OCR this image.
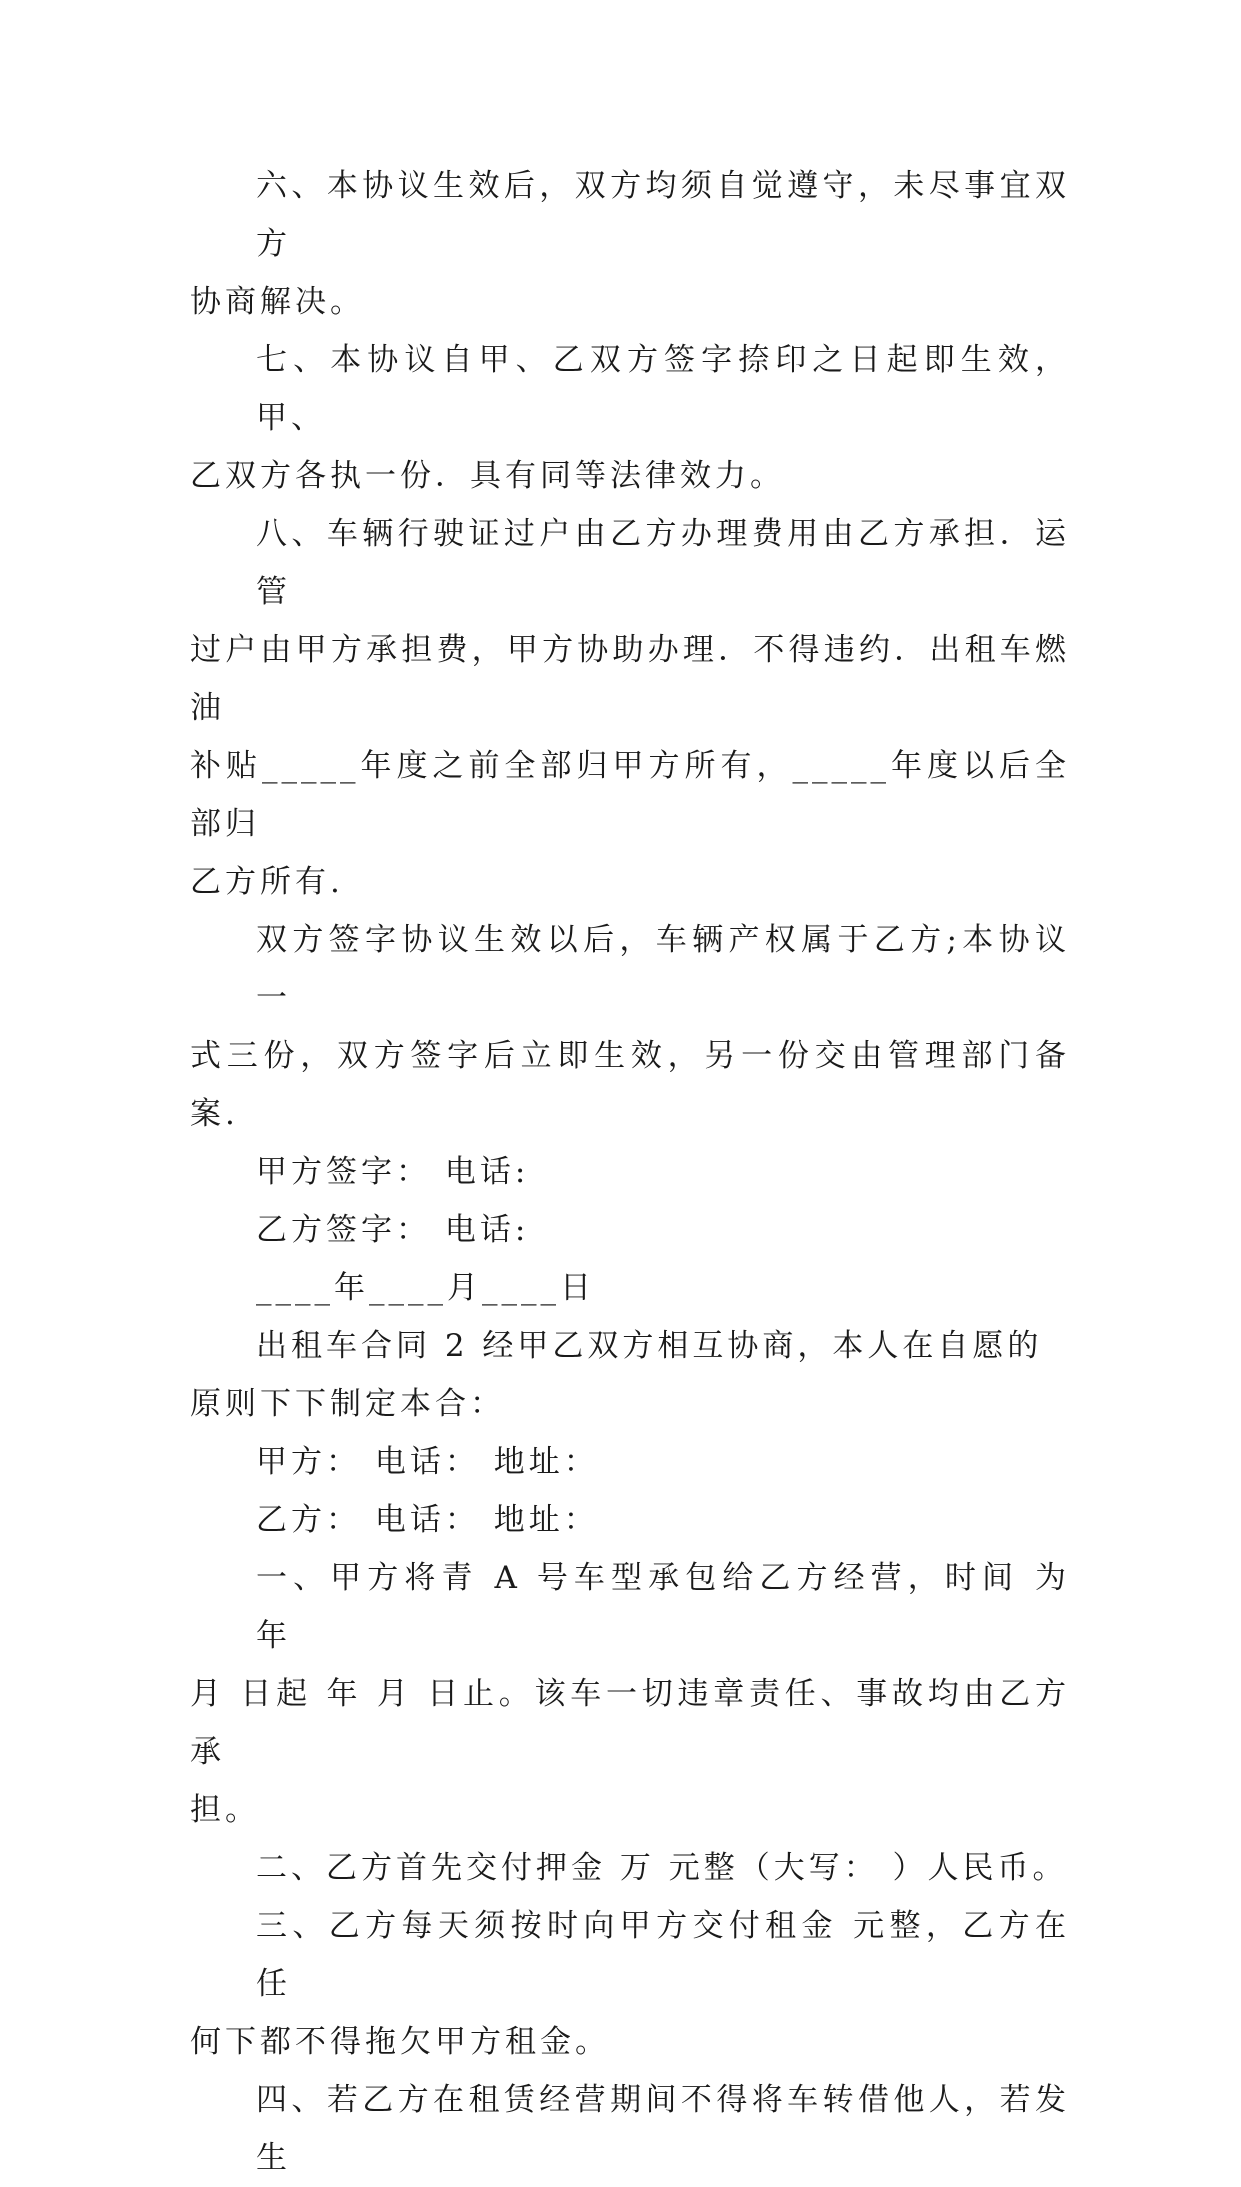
六、本协议生效后，双方均须自觉遵守，未尽事宜双方
协商解决。

七、本协议自甲、乙双方签字捺印之日起即生效，甲、
乙双方各执一份．具有同等法律效力。

八、车辆行驶证过户由乙方办理费用由乙方承担．运管
过户由甲方承担费，甲方协助办理．不得违约．出租车燃油
补贴_____年度之前全部归甲方所有，_____年度以后全部归
乙方所有.

双方签字协议生效以后，车辆产权属于乙方;本协议一
式三份，双方签字后立即生效，另一份交由管理部门备案.

甲方签字： 电话:

乙方签字： 电话:

____年____月____日

出租车合同 2 经甲乙双方相互协商，本人在自愿的
原则下下制定本合：

甲方： 电话： 地址：

乙方： 电话： 地址：

一、甲方将青 A 号车型承包给乙方经营，时间 为 年
月 日起 年 月 日止。该车一切违章责任、事故均由乙方承
担。

二、乙方首先交付押金 万 元整（大写： ）人民币。

三、乙方每天须按时向甲方交付租金 元整，乙方在任
何下都不得拖欠甲方租金。

四、若乙方在租赁经营期间不得将车转借他人，若发生
